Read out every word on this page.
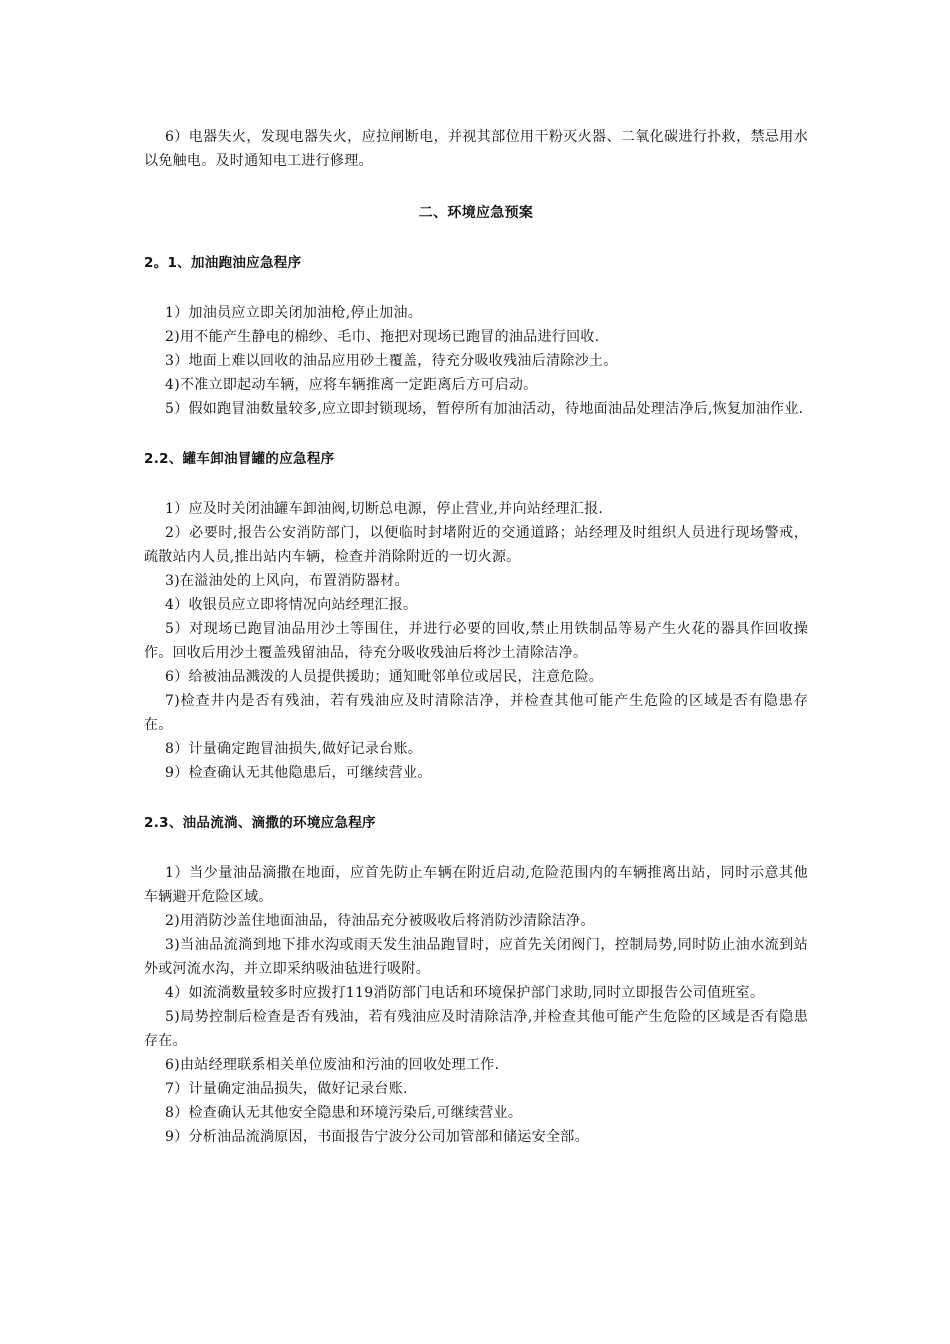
6）电器失火，发现电器失火，应拉闸断电，并视其部位用干粉灭火器、二氧化碳进行扑救，禁忌用水以免触电。及时通知电工进行修理。

二、环境应急预案

2。1、加油跑油应急程序

1）加油员应立即关闭加油枪,停止加油。

2)用不能产生静电的棉纱、毛巾、拖把对现场已跑冒的油品进行回收.

3）地面上难以回收的油品应用砂土覆盖，待充分吸收残油后清除沙土。

4)不准立即起动车辆，应将车辆推离一定距离后方可启动。

5）假如跑冒油数量较多,应立即封锁现场，暂停所有加油活动，待地面油品处理洁净后,恢复加油作业.

2.2、罐车卸油冒罐的应急程序

1）应及时关闭油罐车卸油阀,切断总电源，停止营业,并向站经理汇报.

2）必要时,报告公安消防部门，以便临时封堵附近的交通道路；站经理及时组织人员进行现场警戒，疏散站内人员,推出站内车辆，检查并消除附近的一切火源。

3)在溢油处的上风向，布置消防器材。

4）收银员应立即将情况向站经理汇报。

5）对现场已跑冒油品用沙土等围住，并进行必要的回收,禁止用铁制品等易产生火花的器具作回收操作。回收后用沙土覆盖残留油品，待充分吸收残油后将沙土清除洁净。

6）给被油品溅泼的人员提供援助；通知毗邻单位或居民，注意危险。

7)检查井内是否有残油，若有残油应及时清除洁净，并检查其他可能产生危险的区域是否有隐患存在。

8）计量确定跑冒油损失,做好记录台账。

9）检查确认无其他隐患后，可继续营业。

2.3、油品流淌、滴撒的环境应急程序

1）当少量油品滴撒在地面，应首先防止车辆在附近启动,危险范围内的车辆推离出站，同时示意其他车辆避开危险区域。

2)用消防沙盖住地面油品，待油品充分被吸收后将消防沙清除洁净。

3)当油品流淌到地下排水沟或雨天发生油品跑冒时，应首先关闭阀门，控制局势,同时防止油水流到站外或河流水沟，并立即采纳吸油毡进行吸附。

4）如流淌数量较多时应拨打119消防部门电话和环境保护部门求助,同时立即报告公司值班室。

5)局势控制后检查是否有残油，若有残油应及时清除洁净,并检查其他可能产生危险的区域是否有隐患存在。

6)由站经理联系相关单位废油和污油的回收处理工作.

7）计量确定油品损失，做好记录台账.

8）检查确认无其他安全隐患和环境污染后,可继续营业。

9）分析油品流淌原因，书面报告宁波分公司加管部和储运安全部。
